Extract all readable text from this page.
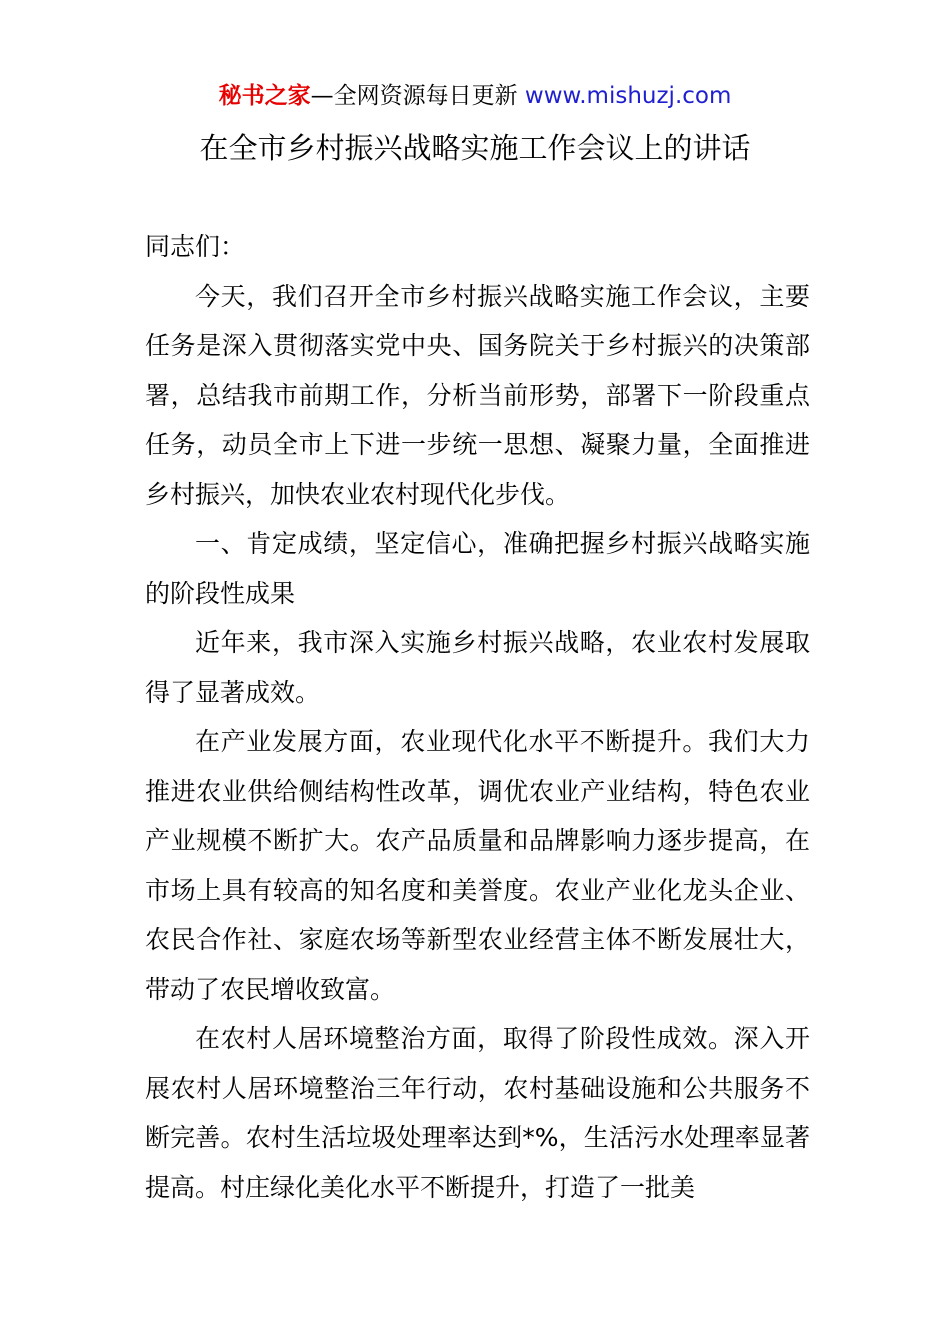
秘书之家—全网资源每日更新 www.mishuzj.com
在全市乡村振兴战略实施工作会议上的讲话

同志们：

今天，我们召开全市乡村振兴战略实施工作会议，主要任务是深入贯彻落实党中央、国务院关于乡村振兴的决策部署，总结我市前期工作，分析当前形势，部署下一阶段重点任务，动员全市上下进一步统一思想、凝聚力量，全面推进乡村振兴，加快农业农村现代化步伐。

一、肯定成绩，坚定信心，准确把握乡村振兴战略实施的阶段性成果

近年来，我市深入实施乡村振兴战略，农业农村发展取得了显著成效。

在产业发展方面，农业现代化水平不断提升。我们大力推进农业供给侧结构性改革，调优农业产业结构，特色农业产业规模不断扩大。农产品质量和品牌影响力逐步提高，在市场上具有较高的知名度和美誉度。农业产业化龙头企业、农民合作社、家庭农场等新型农业经营主体不断发展壮大，带动了农民增收致富。

在农村人居环境整治方面，取得了阶段性成效。深入开展农村人居环境整治三年行动，农村基础设施和公共服务不断完善。农村生活垃圾处理率达到*%，生活污水处理率显著提高。村庄绿化美化水平不断提升，打造了一批美
